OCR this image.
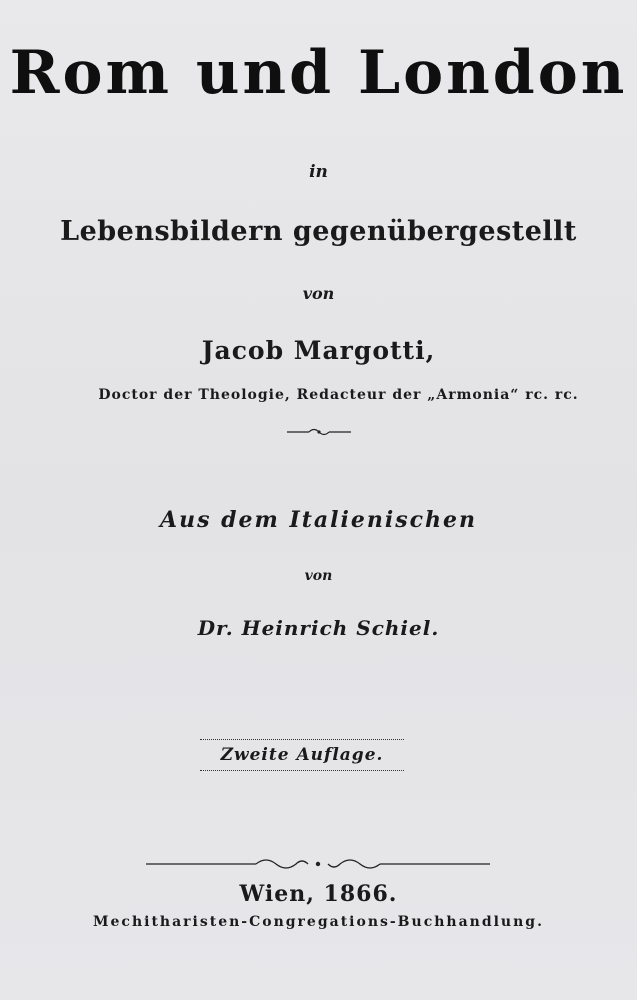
Rom und London
in
Lebensbildern gegenübergestellt
von
Jacob Margotti,
Doctor der Theologie, Redacteur der „Armonia“ rc. rc.
Aus dem Italienischen
von
Dr. Heinrich Schiel.
Zweite Auflage.
Wien, 1866.
Mechitharisten-Congregations-Buchhandlung.
